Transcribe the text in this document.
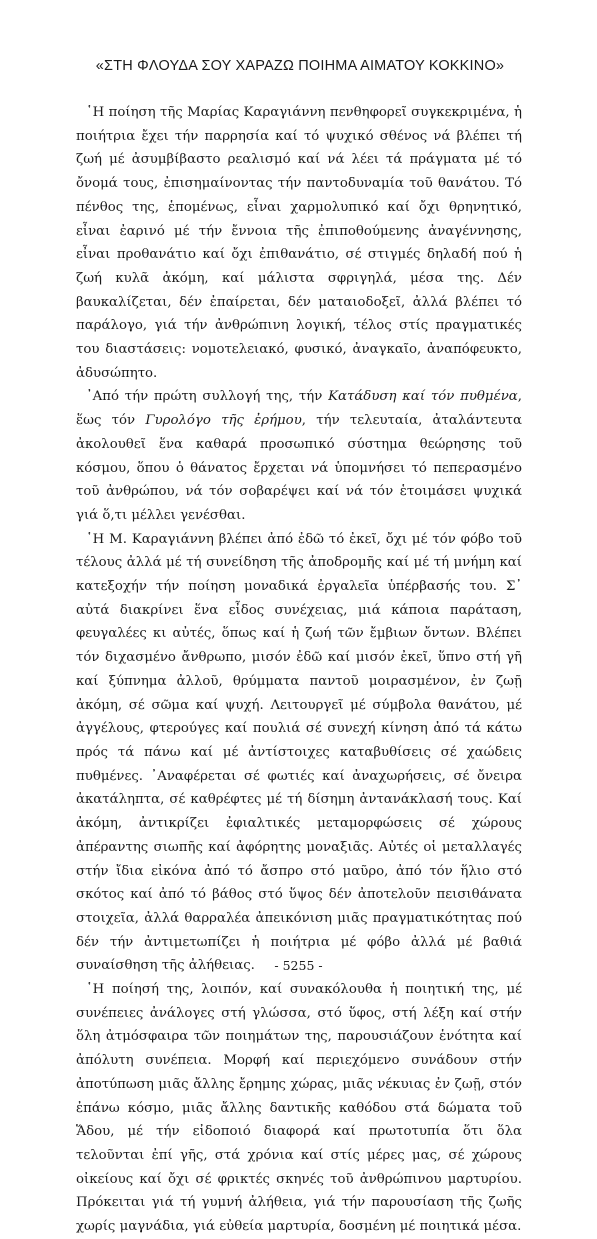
«ΣΤΗ ΦΛΟΥΔΑ ΣΟΥ ΧΑΡΑΖΩ ΠΟΙΗΜΑ ΑΙΜΑΤΟΥ ΚΟΚΚΙΝΟ»

῾Η ποίηση τῆς Μαρίας Καραγιάννη πενθηφορεῖ συγκεκριμένα, ἡ ποιήτρια ἔχει τήν παρρησία καί τό ψυχικό σθένος νά βλέπει τή ζωή μέ ἀσυμβίβαστο ρεαλισμό καί νά λέει τά πράγματα μέ τό ὄνομά τους, ἐπισημαίνοντας τήν παντοδυναμία τοῦ θανάτου. Τό πένθος της, ἑπομένως, εἶναι χαρμολυπικό καί ὄχι θρηνητικό, εἶναι ἐαρινό μέ τήν ἔννοια τῆς ἐπιποθούμενης ἀναγέννησης, εἶναι προθανάτιο καί ὄχι ἐπιθανάτιο, σέ στιγμές δηλαδή πού ἡ ζωή κυλᾶ ἀκόμη, καί μάλιστα σφριγηλά, μέσα της. Δέν βαυκαλίζεται, δέν ἐπαίρεται, δέν ματαιοδοξεῖ, ἀλλά βλέπει τό παράλογο, γιά τήν ἀνθρώπινη λογική, τέλος στίς πραγματικές του διαστάσεις: νομοτελειακό, φυσικό, ἀναγκαῖο, ἀναπόφευκτο, ἀδυσώπητο.

᾽Από τήν πρώτη συλλογή της, τήν Κατάδυση καί τόν πυθμένα, ἕως τόν Γυρολόγο τῆς ἐρήμου, τήν τελευταία, ἀταλάντευτα ἀκολουθεῖ ἕνα καθαρά προσωπικό σύστημα θεώρησης τοῦ κόσμου, ὅπου ὁ θάνατος ἔρχεται νά ὑπομνήσει τό πεπερασμένο τοῦ ἀνθρώπου, νά τόν σοβαρέψει καί νά τόν ἑτοιμάσει ψυχικά γιά ὅ,τι μέλλει γενέσθαι.

῾Η Μ. Καραγιάννη βλέπει ἀπό ἐδῶ τό ἐκεῖ, ὄχι μέ τόν φόβο τοῦ τέλους ἀλλά μέ τή συνείδηση τῆς ἀποδρομῆς καί μέ τή μνήμη καί κατεξοχήν τήν ποίηση μοναδικά ἐργαλεῖα ὑπέρβασής του. Σ᾽ αὐτά διακρίνει ἕνα εἶδος συνέχειας, μιά κάποια παράταση, φευγαλέες κι αὐτές, ὅπως καί ἡ ζωή τῶν ἔμβιων ὄντων. Βλέπει τόν διχασμένο ἄνθρωπο, μισόν ἐδῶ καί μισόν ἐκεῖ, ὕπνο στή γῆ καί ξύπνημα ἀλλοῦ, θρύμματα παντοῦ μοιρασμένον, ἐν ζωῇ ἀκόμη, σέ σῶμα καί ψυχή. Λειτουργεῖ μέ σύμβολα θανάτου, μέ ἀγγέλους, φτερούγες καί πουλιά σέ συνεχή κίνηση ἀπό τά κάτω πρός τά πάνω καί μέ ἀντίστοιχες καταβυθίσεις σέ χαώδεις πυθμένες. ᾽Αναφέρεται σέ φωτιές καί ἀναχωρήσεις, σέ ὄνειρα ἀκατάληπτα, σέ καθρέφτες μέ τή δίσημη ἀντανάκλασή τους. Καί ἀκόμη, ἀντικρίζει ἐφιαλτικές μεταμορφώσεις σέ χώρους ἀπέραντης σιωπῆς καί ἀφόρητης μοναξιᾶς. Αὐτές οἱ μεταλλαγές στήν ἴδια εἰκόνα ἀπό τό ἄσπρο στό μαῦρο, ἀπό τόν ἥλιο στό σκότος καί ἀπό τό βάθος στό ὕψος δέν ἀποτελοῦν πεισιθάνατα στοιχεῖα, ἀλλά θαρραλέα ἀπεικόνιση μιᾶς πραγματικότητας πού δέν τήν ἀντιμετωπίζει ἡ ποιήτρια μέ φόβο ἀλλά μέ βαθιά συναίσθηση τῆς ἀλήθειας.

῾Η ποίησή της, λοιπόν, καί συνακόλουθα ἡ ποιητική της, μέ συνέπειες ἀνάλογες στή γλώσσα, στό ὕφος, στή λέξη καί στήν ὅλη ἀτμόσφαιρα τῶν ποιημάτων της, παρουσιάζουν ἑνότητα καί ἀπόλυτη συνέπεια. Μορφή καί περιεχόμενο συνάδουν στήν ἀποτύπωση μιᾶς ἄλλης ἔρημης χώρας, μιᾶς νέκυιας ἐν ζωῇ, στόν ἐπάνω κόσμο, μιᾶς ἄλλης δαντικῆς καθόδου στά δώματα τοῦ Ἅδου, μέ τήν εἰδοποιό διαφορά καί πρωτοτυπία ὅτι ὅλα τελοῦνται ἐπί γῆς, στά χρόνια καί στίς μέρες μας, σέ χώρους οἰκείους καί ὄχι σέ φρικτές σκηνές τοῦ ἀνθρώπινου μαρτυρίου. Πρόκειται γιά τή γυμνή ἀλήθεια, γιά τήν παρουσίαση τῆς ζωῆς χωρίς μαγνάδια, γιά εὐθεία μαρτυρία, δοσμένη μέ ποιητικά μέσα.

- 5255 -
